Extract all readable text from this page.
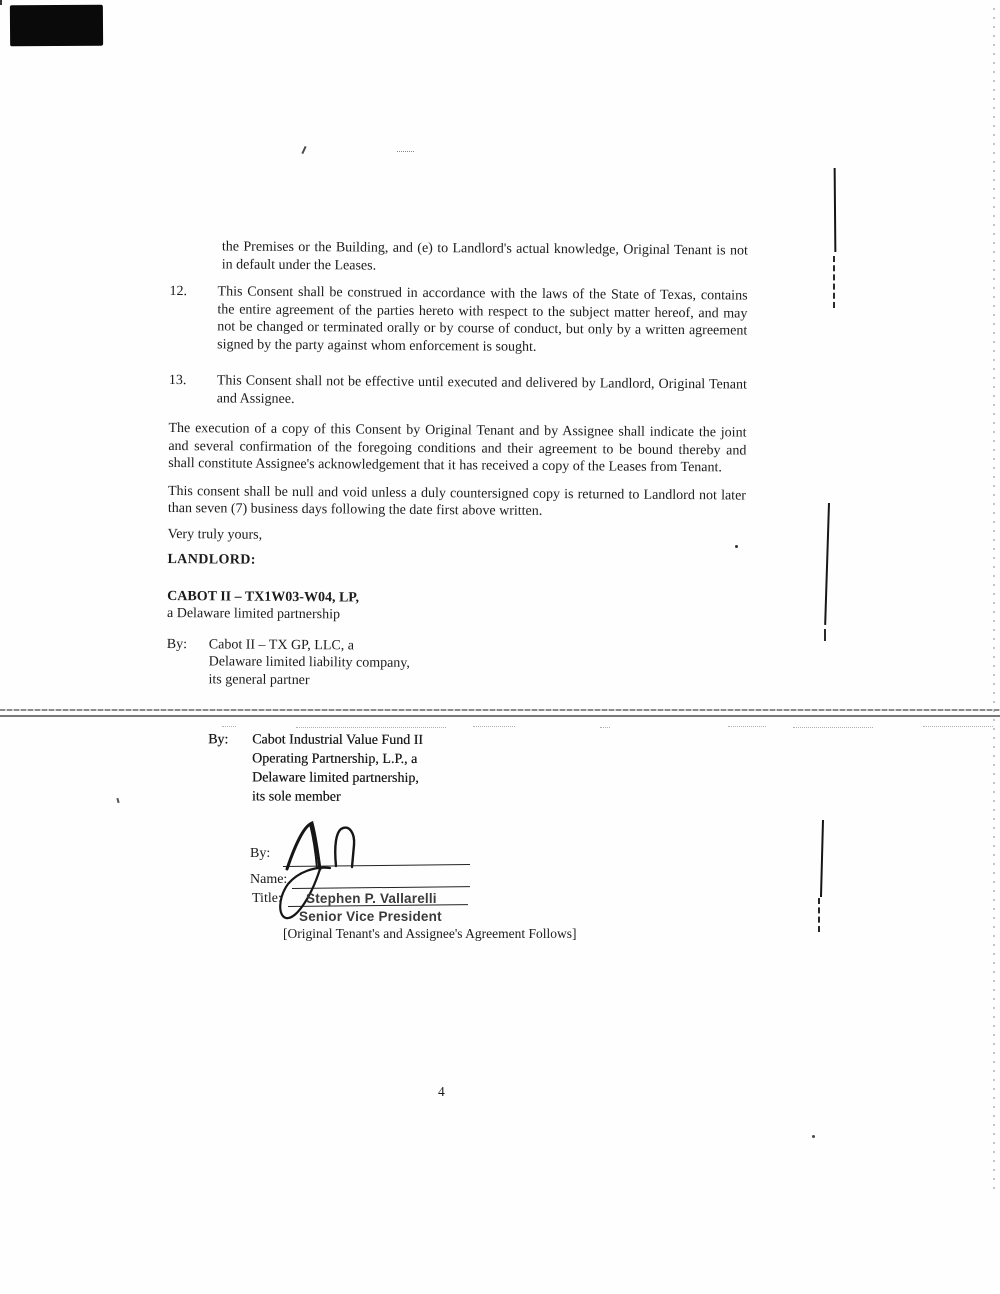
the Premises or the Building, and (e) to Landlord's actual knowledge, Original Tenant is not in default under the Leases.

12.	This Consent shall be construed in accordance with the laws of the State of Texas, contains the entire agreement of the parties hereto with respect to the subject matter hereof, and may not be changed or terminated orally or by course of conduct, but only by a written agreement signed by the party against whom enforcement is sought.
13.	This Consent shall not be effective until executed and delivered by Landlord, Original Tenant and Assignee.

The execution of a copy of this Consent by Original Tenant and by Assignee shall indicate the joint and several confirmation of the foregoing conditions and their agreement to be bound thereby and shall constitute Assignee's acknowledgement that it has received a copy of the Leases from Tenant.

This consent shall be null and void unless a duly countersigned copy is returned to Landlord not later than seven (7) business days following the date first above written.

Very truly yours,

LANDLORD:

CABOT II – TX1W03-W04, LP,

a Delaware limited partnership

By:	Cabot II – TX GP, LLC, a

Delaware limited liability company,

its general partner

By:	Cabot Industrial Value Fund II

Operating Partnership, L.P., a

Delaware limited partnership,

its sole member

By:
Name:
Title: Stephen P. Vallarelli
Senior Vice President
[Original Tenant's and Assignee's Agreement Follows]
4
